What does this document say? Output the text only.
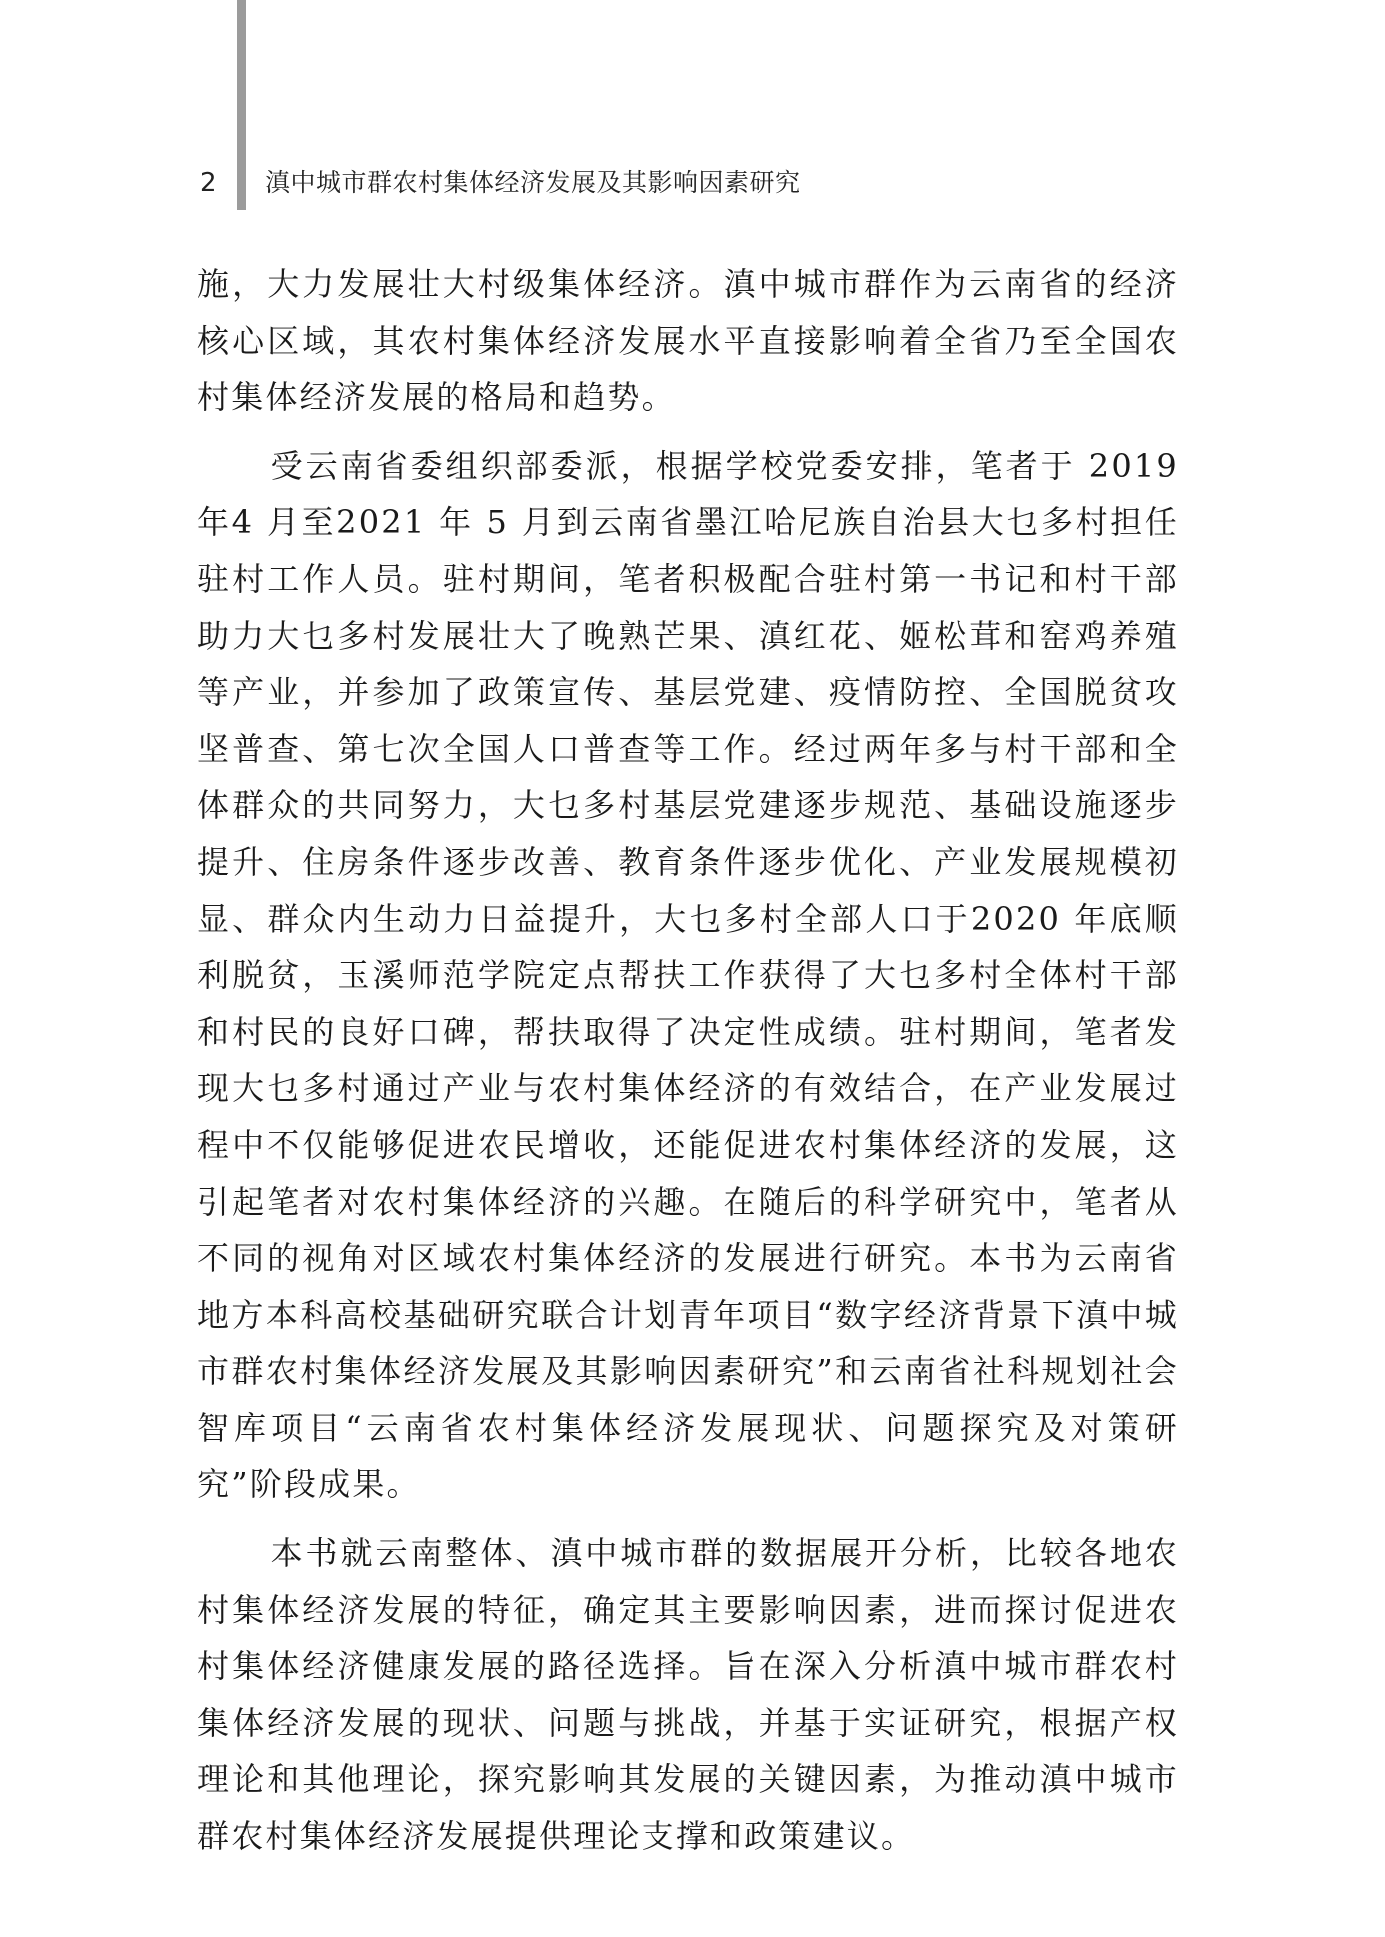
2 滇中城市群农村集体经济发展及其影响因素研究

施，大力发展壮大村级集体经济。滇中城市群作为云南省的经济核心区域，其农村集体经济发展水平直接影响着全省乃至全国农村集体经济发展的格局和趋势。

受云南省委组织部委派，根据学校党委安排，笔者于 2019 年4 月至2021 年 5 月到云南省墨江哈尼族自治县大乜多村担任驻村工作人员。驻村期间，笔者积极配合驻村第一书记和村干部助力大乜多村发展壮大了晚熟芒果、滇红花、姬松茸和窑鸡养殖等产业，并参加了政策宣传、基层党建、疫情防控、全国脱贫攻坚普查、第七次全国人口普查等工作。经过两年多与村干部和全体群众的共同努力，大乜多村基层党建逐步规范、基础设施逐步提升、住房条件逐步改善、教育条件逐步优化、产业发展规模初显、群众内生动力日益提升，大乜多村全部人口于2020 年底顺利脱贫，玉溪师范学院定点帮扶工作获得了大乜多村全体村干部和村民的良好口碑，帮扶取得了决定性成绩。驻村期间，笔者发现大乜多村通过产业与农村集体经济的有效结合，在产业发展过程中不仅能够促进农民增收，还能促进农村集体经济的发展，这引起笔者对农村集体经济的兴趣。在随后的科学研究中，笔者从不同的视角对区域农村集体经济的发展进行研究。本书为云南省地方本科高校基础研究联合计划青年项目“数字经济背景下滇中城市群农村集体经济发展及其影响因素研究”和云南省社科规划社会智库项目“云南省农村集体经济发展现状、问题探究及对策研究”阶段成果。

本书就云南整体、滇中城市群的数据展开分析，比较各地农村集体经济发展的特征，确定其主要影响因素，进而探讨促进农村集体经济健康发展的路径选择。旨在深入分析滇中城市群农村集体经济发展的现状、问题与挑战，并基于实证研究，根据产权理论和其他理论，探究影响其发展的关键因素，为推动滇中城市群农村集体经济发展提供理论支撑和政策建议。
